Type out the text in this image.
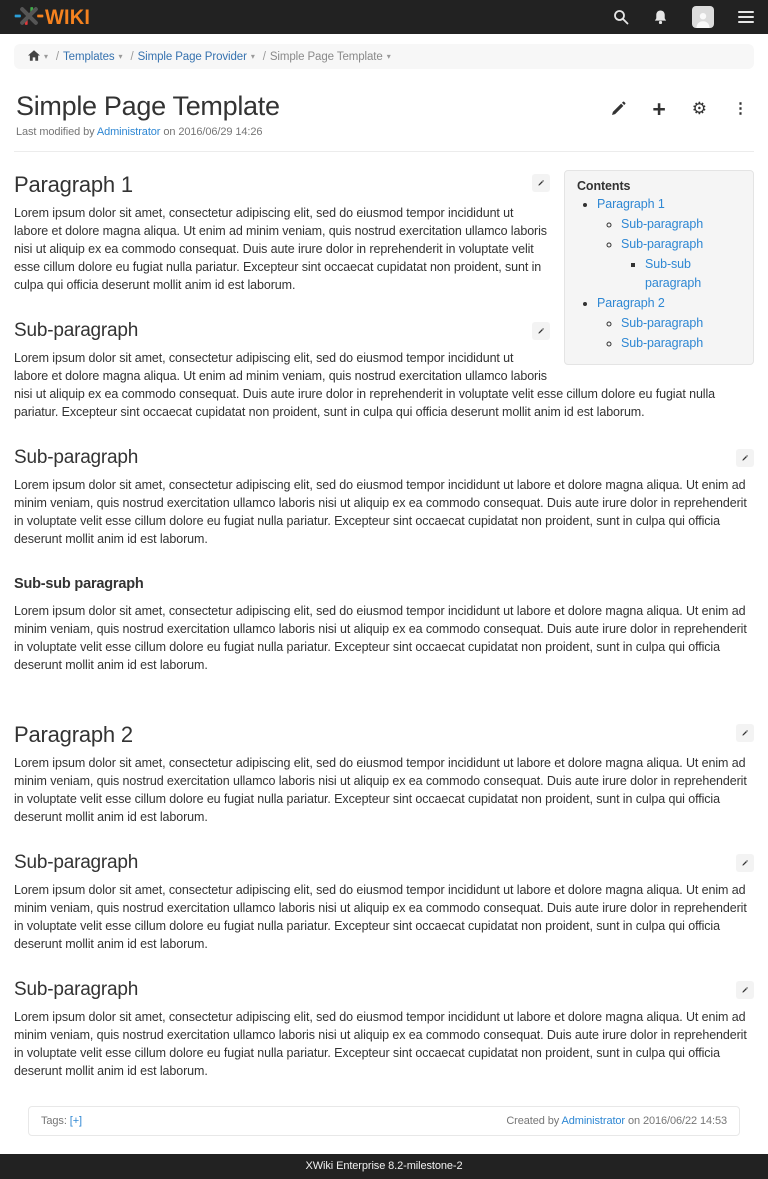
WIKI
▾ / Templates ▾ / Simple Page Provider ▾ / Simple Page Template ▾
Simple Page Template	+ ⚙ ⋮
Last modified by Administrator on 2016/06/29 14:26
Contents
• Paragraph 1
◦ Sub-paragraph
◦ Sub-paragraph
▪ Sub-sub paragraph
• Paragraph 2
◦ Sub-paragraph
◦ Sub-paragraph
Paragraph 1

Lorem ipsum dolor sit amet, consectetur adipiscing elit, sed do eiusmod tempor incididunt ut labore et dolore magna aliqua. Ut enim ad minim veniam, quis nostrud exercitation ullamco laboris nisi ut aliquip ex ea commodo consequat. Duis aute irure dolor in reprehenderit in voluptate velit esse cillum dolore eu fugiat nulla pariatur. Excepteur sint occaecat cupidatat non proident, sunt in culpa qui officia deserunt mollit anim id est laborum.

Sub-paragraph

Lorem ipsum dolor sit amet, consectetur adipiscing elit, sed do eiusmod tempor incididunt ut labore et dolore magna aliqua. Ut enim ad minim veniam, quis nostrud exercitation ullamco laboris nisi ut aliquip ex ea commodo consequat. Duis aute irure dolor in reprehenderit in voluptate velit esse cillum dolore eu fugiat nulla pariatur. Excepteur sint occaecat cupidatat non proident, sunt in culpa qui officia deserunt mollit anim id est laborum.

Sub-paragraph

Lorem ipsum dolor sit amet, consectetur adipiscing elit, sed do eiusmod tempor incididunt ut labore et dolore magna aliqua. Ut enim ad minim veniam, quis nostrud exercitation ullamco laboris nisi ut aliquip ex ea commodo consequat. Duis aute irure dolor in reprehenderit in voluptate velit esse cillum dolore eu fugiat nulla pariatur. Excepteur sint occaecat cupidatat non proident, sunt in culpa qui officia deserunt mollit anim id est laborum.

Sub-sub paragraph

Lorem ipsum dolor sit amet, consectetur adipiscing elit, sed do eiusmod tempor incididunt ut labore et dolore magna aliqua. Ut enim ad minim veniam, quis nostrud exercitation ullamco laboris nisi ut aliquip ex ea commodo consequat. Duis aute irure dolor in reprehenderit in voluptate velit esse cillum dolore eu fugiat nulla pariatur. Excepteur sint occaecat cupidatat non proident, sunt in culpa qui officia deserunt mollit anim id est laborum.

Paragraph 2

Lorem ipsum dolor sit amet, consectetur adipiscing elit, sed do eiusmod tempor incididunt ut labore et dolore magna aliqua. Ut enim ad minim veniam, quis nostrud exercitation ullamco laboris nisi ut aliquip ex ea commodo consequat. Duis aute irure dolor in reprehenderit in voluptate velit esse cillum dolore eu fugiat nulla pariatur. Excepteur sint occaecat cupidatat non proident, sunt in culpa qui officia deserunt mollit anim id est laborum.

Sub-paragraph

Lorem ipsum dolor sit amet, consectetur adipiscing elit, sed do eiusmod tempor incididunt ut labore et dolore magna aliqua. Ut enim ad minim veniam, quis nostrud exercitation ullamco laboris nisi ut aliquip ex ea commodo consequat. Duis aute irure dolor in reprehenderit in voluptate velit esse cillum dolore eu fugiat nulla pariatur. Excepteur sint occaecat cupidatat non proident, sunt in culpa qui officia deserunt mollit anim id est laborum.

Sub-paragraph

Lorem ipsum dolor sit amet, consectetur adipiscing elit, sed do eiusmod tempor incididunt ut labore et dolore magna aliqua. Ut enim ad minim veniam, quis nostrud exercitation ullamco laboris nisi ut aliquip ex ea commodo consequat. Duis aute irure dolor in reprehenderit in voluptate velit esse cillum dolore eu fugiat nulla pariatur. Excepteur sint occaecat cupidatat non proident, sunt in culpa qui officia deserunt mollit anim id est laborum.

Tags: [+]	Created by Administrator on 2016/06/22 14:53
XWiki Enterprise 8.2-milestone-2
